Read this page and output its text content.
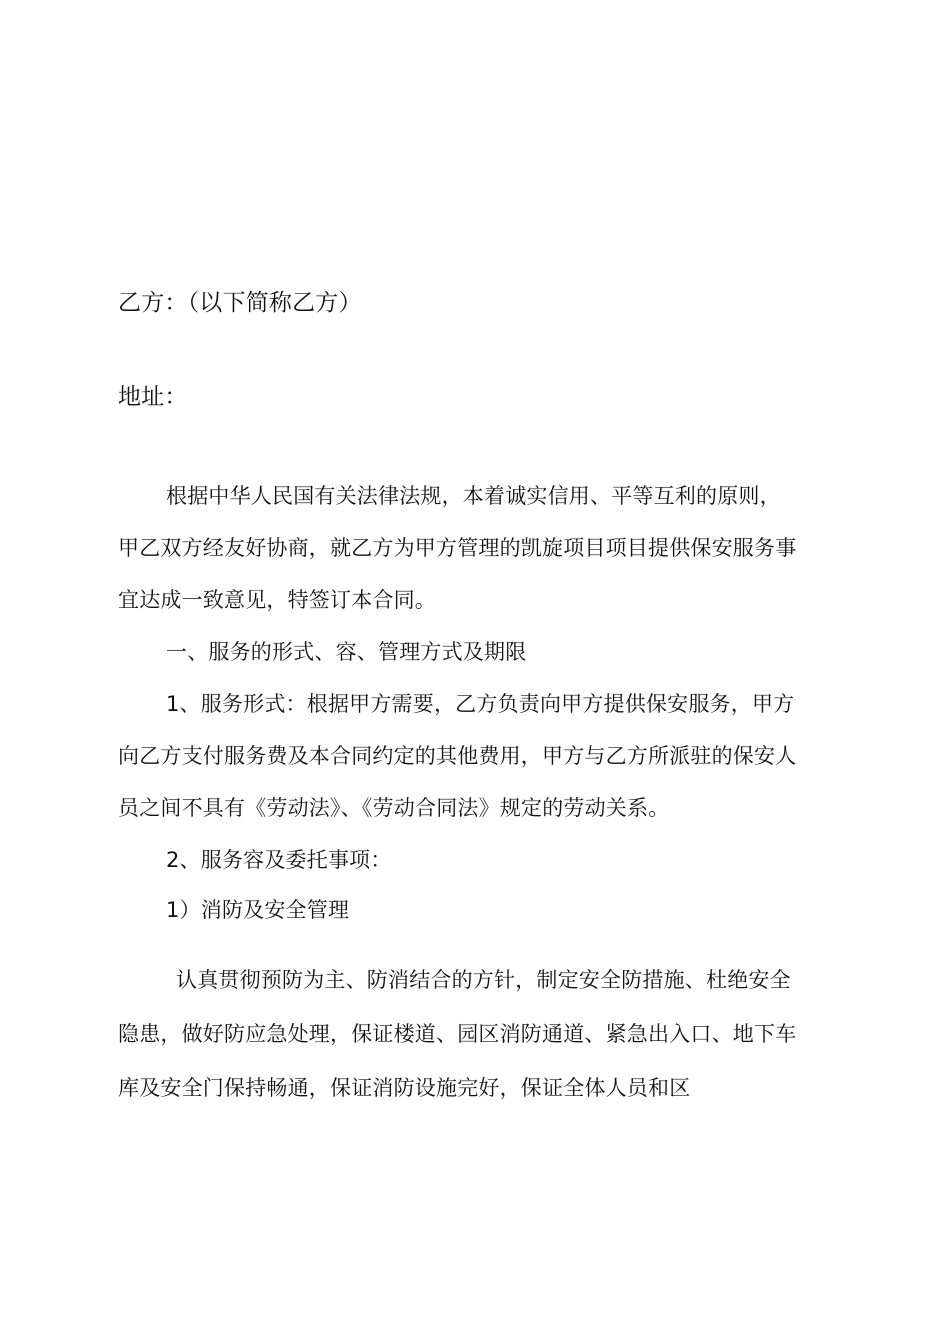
乙方：（以下简称乙方）
地址：
根据中华人民国有关法律法规，本着诚实信用、平等互利的原则，
甲乙双方经友好协商，就乙方为甲方管理的凯旋项目项目提供保安服务事
宜达成一致意见，特签订本合同。
一、服务的形式、容、管理方式及期限
1、服务形式：根据甲方需要，乙方负责向甲方提供保安服务，甲方
向乙方支付服务费及本合同约定的其他费用，甲方与乙方所派驻的保安人
员之间不具有《劳动法》、《劳动合同法》规定的劳动关系。
2、服务容及委托事项：
1）消防及安全管理
认真贯彻预防为主、防消结合的方针，制定安全防措施、杜绝安全
隐患，做好防应急处理，保证楼道、园区消防通道、紧急出入口、地下车
库及安全门保持畅通，保证消防设施完好，保证全体人员和区
